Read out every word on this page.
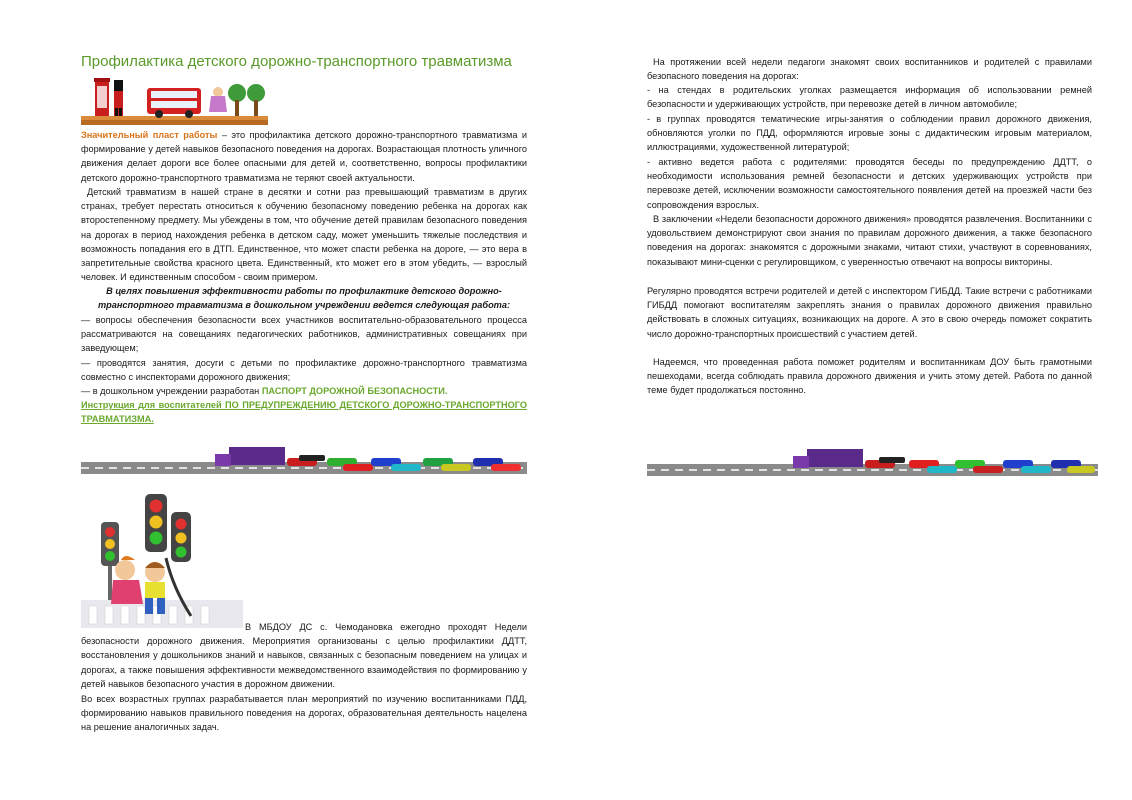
Профилактика детского дорожно-транспортного травматизма

Значительный пласт работы – это профилактика детского дорожно-транспортного травматизма и формирование у детей навыков безопасного поведения на дорогах. Возрастающая плотность уличного движения делает дороги все более опасными для детей и, соответственно, вопросы профилактики детского дорожно-транспортного травматизма не теряют своей актуальности.

Детский травматизм в нашей стране в десятки и сотни раз превышающий травматизм в других странах, требует перестать относиться к обучению безопасному поведению ребенка на дорогах как второстепенному предмету. Мы убеждены в том, что обучение детей правилам безопасного поведения на дорогах в период нахождения ребенка в детском саду, может уменьшить тяжелые последствия и возможность попадания его в ДТП. Единственное, что может спасти ребенка на дороге, — это вера в запретительные свойства красного цвета. Единственный, кто может его в этом убедить, — взрослый человек. И единственным способом - своим примером.

В целях повышения эффективности работы по профилактике детского дорожно-транспортного травматизма в дошкольном учреждении ведется следующая работа:

— вопросы обеспечения безопасности всех участников воспитательно-образовательного процесса рассматриваются на совещаниях педагогических работников, административных совещаниях при заведующем;

— проводятся занятия, досуги с детьми по профилактике дорожно-транспортного травматизма совместно с инспекторами дорожного движения;

— в дошкольном учреждении разработан ПАСПОРТ ДОРОЖНОЙ БЕЗОПАСНОСТИ.

Инструкция для воспитателей ПО ПРЕДУПРЕЖДЕНИЮ ДЕТСКОГО ДОРОЖНО-ТРАНСПОРТНОГО ТРАВМАТИЗМА.

В МБДОУ ДС с. Чемодановка ежегодно проходят Недели безопасности дорожного движения. Мероприятия организованы с целью профилактики ДДТТ, восстановления у дошкольников знаний и навыков, связанных с безопасным поведением на улицах и дорогах, а также повышения эффективности межведомственного взаимодействия по формированию у детей навыков безопасного участия в дорожном движении.

Во всех возрастных группах разрабатывается план мероприятий по изучению воспитанниками ПДД, формированию навыков правильного поведения на дорогах, образовательная деятельность нацелена на решение аналогичных задач.

На протяжении всей недели педагоги знакомят своих воспитанников и родителей с правилами безопасного поведения на дорогах:

- на стендах в родительских уголках размещается информация об использовании ремней безопасности и удерживающих устройств, при перевозке детей в личном автомобиле;

- в группах проводятся тематические игры-занятия о соблюдении правил дорожного движения, обновляются уголки по ПДД, оформляются игровые зоны с дидактическим игровым материалом, иллюстрациями, художественной литературой;

- активно ведется работа с родителями: проводятся беседы по предупреждению ДДТТ, о необходимости использования ремней безопасности и детских удерживающих устройств при перевозке детей, исключении возможности самостоятельного появления детей на проезжей части без сопровождения взрослых.

В заключении «Недели безопасности дорожного движения» проводятся развлечения. Воспитанники с удовольствием демонстрируют свои знания по правилам дорожного движения, а также безопасного поведения на дорогах: знакомятся с дорожными знаками, читают стихи, участвуют в соревнованиях, показывают мини-сценки с регулировщиком, с уверенностью отвечают на вопросы викторины.

Регулярно проводятся встречи родителей и детей с инспектором ГИБДД. Такие встречи с работниками ГИБДД помогают воспитателям закреплять знания о правилах дорожного движения правильно действовать в сложных ситуациях, возникающих на дороге. А это в свою очередь поможет сократить число дорожно-транспортных происшествий с участием детей.

Надеемся, что проведенная работа поможет родителям и воспитанникам ДОУ быть грамотными пешеходами, всегда соблюдать правила дорожного движения и учить этому детей. Работа по данной теме будет продолжаться постоянно.
